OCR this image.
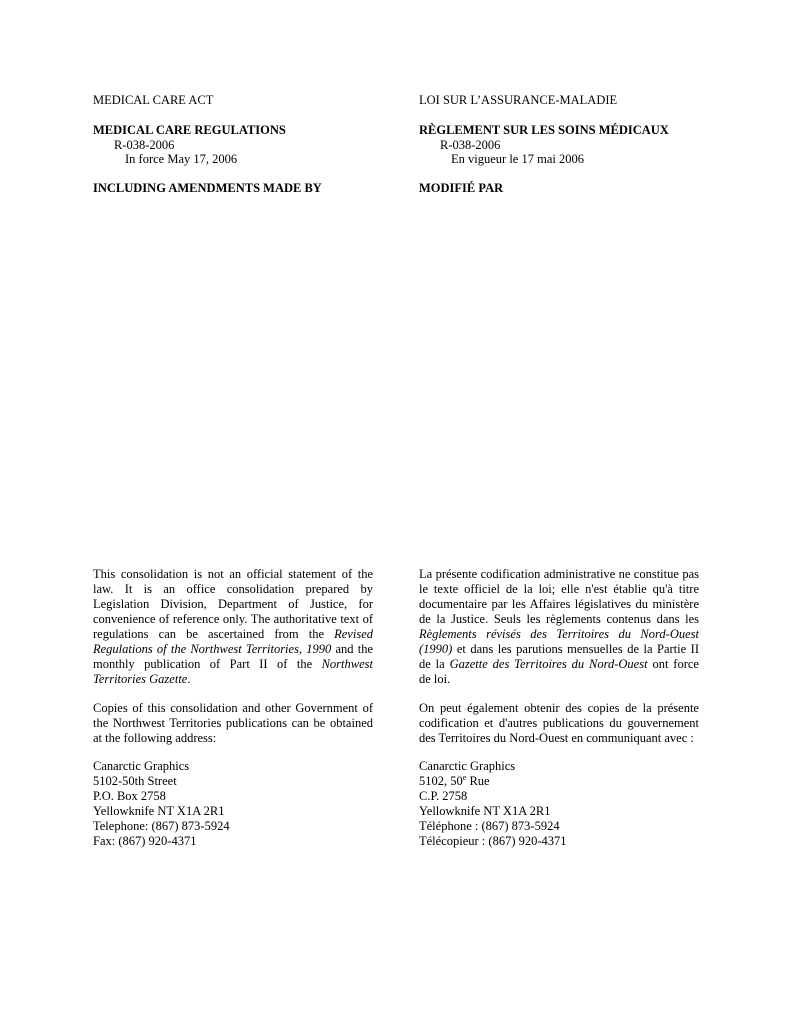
MEDICAL CARE ACT
MEDICAL CARE REGULATIONS
R-038-2006
In force May 17, 2006
INCLUDING AMENDMENTS MADE BY

This consolidation is not an official statement of the law. It is an office consolidation prepared by Legislation Division, Department of Justice, for convenience of reference only. The authoritative text of regulations can be ascertained from the Revised Regulations of the Northwest Territories, 1990 and the monthly publication of Part II of the Northwest Territories Gazette.

Copies of this consolidation and other Government of the Northwest Territories publications can be obtained at the following address:

Canarctic Graphics
5102-50th Street
P.O. Box 2758
Yellowknife NT X1A 2R1
Telephone: (867) 873-5924
Fax: (867) 920-4371
LOI SUR L’ASSURANCE-MALADIE
RÈGLEMENT SUR LES SOINS MÉDICAUX
R-038-2006
En vigueur le 17 mai 2006
MODIFIÉ PAR

La présente codification administrative ne constitue pas le texte officiel de la loi; elle n'est établie qu'à titre documentaire par les Affaires législatives du ministère de la Justice. Seuls les règlements contenus dans les Règlements révisés des Territoires du Nord-Ouest (1990) et dans les parutions mensuelles de la Partie II de la Gazette des Territoires du Nord-Ouest ont force de loi.

On peut également obtenir des copies de la présente codification et d'autres publications du gouvernement des Territoires du Nord-Ouest en communiquant avec :

Canarctic Graphics
5102, 50e Rue
C.P. 2758
Yellowknife NT X1A 2R1
Téléphone : (867) 873-5924
Télécopieur : (867) 920-4371
